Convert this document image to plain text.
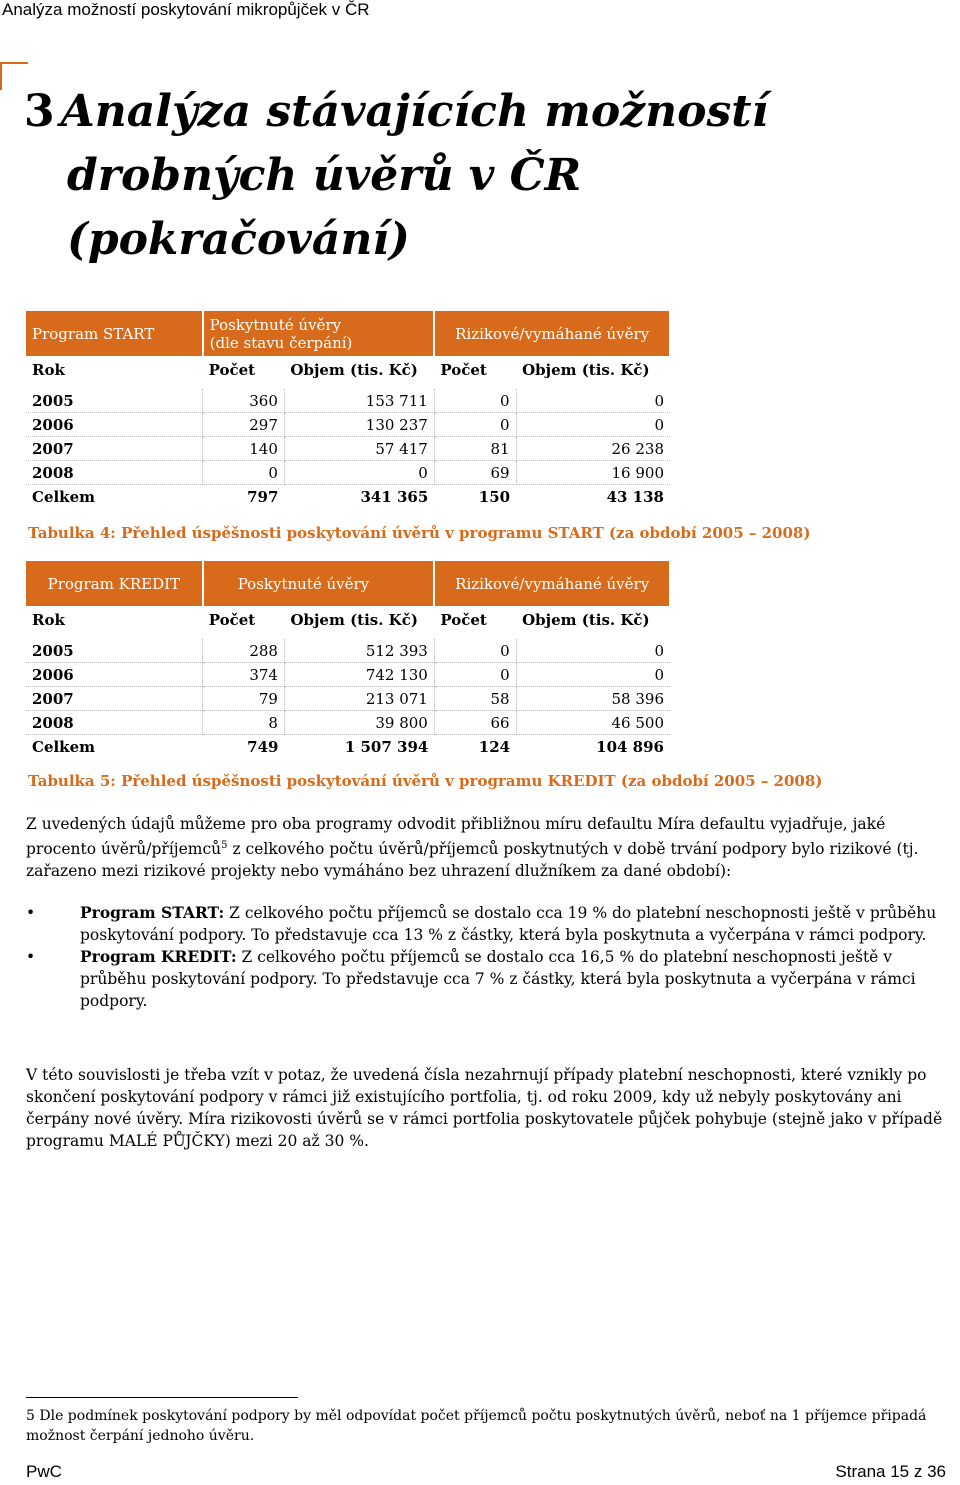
Analýza možností poskytování mikropůjček v ČR
3 Analýza stávajících možností
drobných úvěrů v ČR
(pokračování)
Program START	Poskytnuté úvěry (dle stavu čerpání)		Rizikové/vymáhané úvěry	
Rok	Počet	Objem (tis. Kč)	Počet	Objem (tis. Kč)

2005	360	153 711	0	0
2006	297	130 237	0	0
2007	140	57 417	81	26 238
2008	0	0	69	16 900
Celkem	797	341 365	150	43 138
Tabulka 4: Přehled úspěšnosti poskytování úvěrů v programu START (za období 2005 – 2008)
Program KREDIT	Poskytnuté úvěry		Rizikové/vymáhané úvěry	
Rok	Počet	Objem (tis. Kč)	Počet	Objem (tis. Kč)

2005	288	512 393	0	0
2006	374	742 130	0	0
2007	79	213 071	58	58 396
2008	8	39 800	66	46 500
Celkem	749	1 507 394	124	104 896
Tabulka 5: Přehled úspěšnosti poskytování úvěrů v programu KREDIT (za období 2005 – 2008)
Z uvedených údajů můžeme pro oba programy odvodit přibližnou míru defaultu Míra defaultu vyjadřuje, jaké procento úvěrů/příjemců$^5$ z celkového počtu úvěrů/příjemců poskytnutých v době trvání podpory bylo rizikové (tj. zařazeno mezi rizikové projekty nebo vymáháno bez uhrazení dlužníkem za dané období):
•	Program START: Z celkového počtu příjemců se dostalo cca 19 % do platební neschopnosti ještě v průběhu poskytování podpory. To představuje cca 13 % z částky, která byla poskytnuta a vyčerpána v rámci podpory.
•	Program KREDIT: Z celkového počtu příjemců se dostalo cca 16,5 % do platební neschopnosti ještě v průběhu poskytování podpory. To představuje cca 7 % z částky, která byla poskytnuta a vyčerpána v rámci podpory.
V této souvislosti je třeba vzít v potaz, že uvedená čísla nezahrnují případy platební neschopnosti, které vznikly po skončení poskytování podpory v rámci již existujícího portfolia, tj. od roku 2009, kdy už nebyly poskytovány ani čerpány nové úvěry. Míra rizikovosti úvěrů se v rámci portfolia poskytovatele půjček pohybuje (stejně jako v případě programu MALÉ PŮJČKY) mezi 20 až 30 %.
5 Dle podmínek poskytování podpory by měl odpovídat počet příjemců počtu poskytnutých úvěrů, neboť na 1 příjemce připadá možnost čerpání jednoho úvěru.
PwC	Strana 15 z 36
